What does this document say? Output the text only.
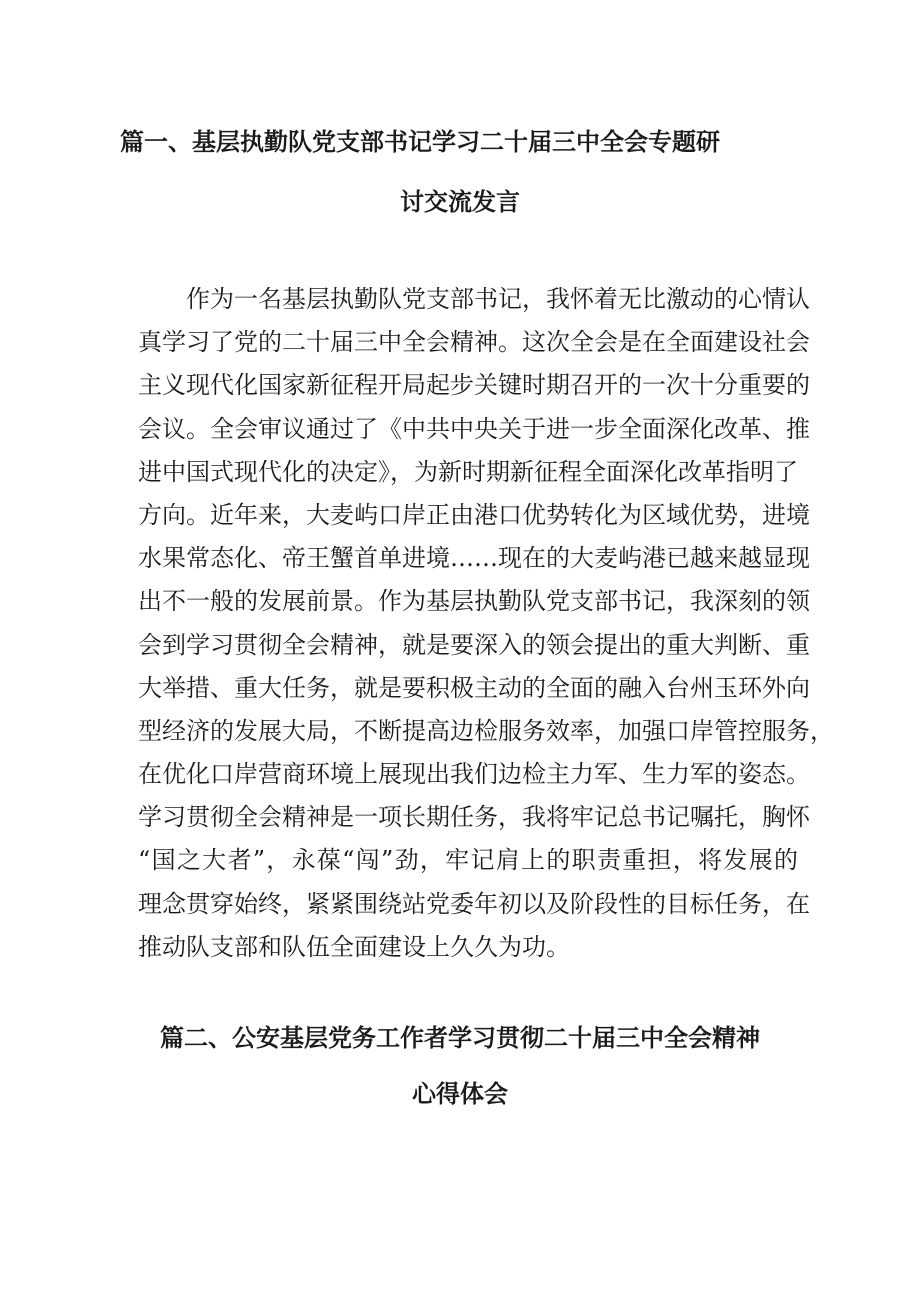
篇一、基层执勤队党支部书记学习二十届三中全会专题研
讨交流发言
作为一名基层执勤队党支部书记，我怀着无比激动的心情认
真学习了党的二十届三中全会精神。这次全会是在全面建设社会
主义现代化国家新征程开局起步关键时期召开的一次十分重要的
会议。全会审议通过了《中共中央关于进一步全面深化改革、推
进中国式现代化的决定》，为新时期新征程全面深化改革指明了
方向。近年来，大麦屿口岸正由港口优势转化为区域优势，进境
水果常态化、帝王蟹首单进境……现在的大麦屿港已越来越显现
出不一般的发展前景。作为基层执勤队党支部书记，我深刻的领
会到学习贯彻全会精神，就是要深入的领会提出的重大判断、重
大举措、重大任务，就是要积极主动的全面的融入台州玉环外向
型经济的发展大局，不断提高边检服务效率，加强口岸管控服务，
在优化口岸营商环境上展现出我们边检主力军、生力军的姿态。
学习贯彻全会精神是一项长期任务，我将牢记总书记嘱托，胸怀
“国之大者”，永葆“闯”劲，牢记肩上的职责重担，将发展的
理念贯穿始终，紧紧围绕站党委年初以及阶段性的目标任务，在
推动队支部和队伍全面建设上久久为功。
篇二、公安基层党务工作者学习贯彻二十届三中全会精神
心得体会
